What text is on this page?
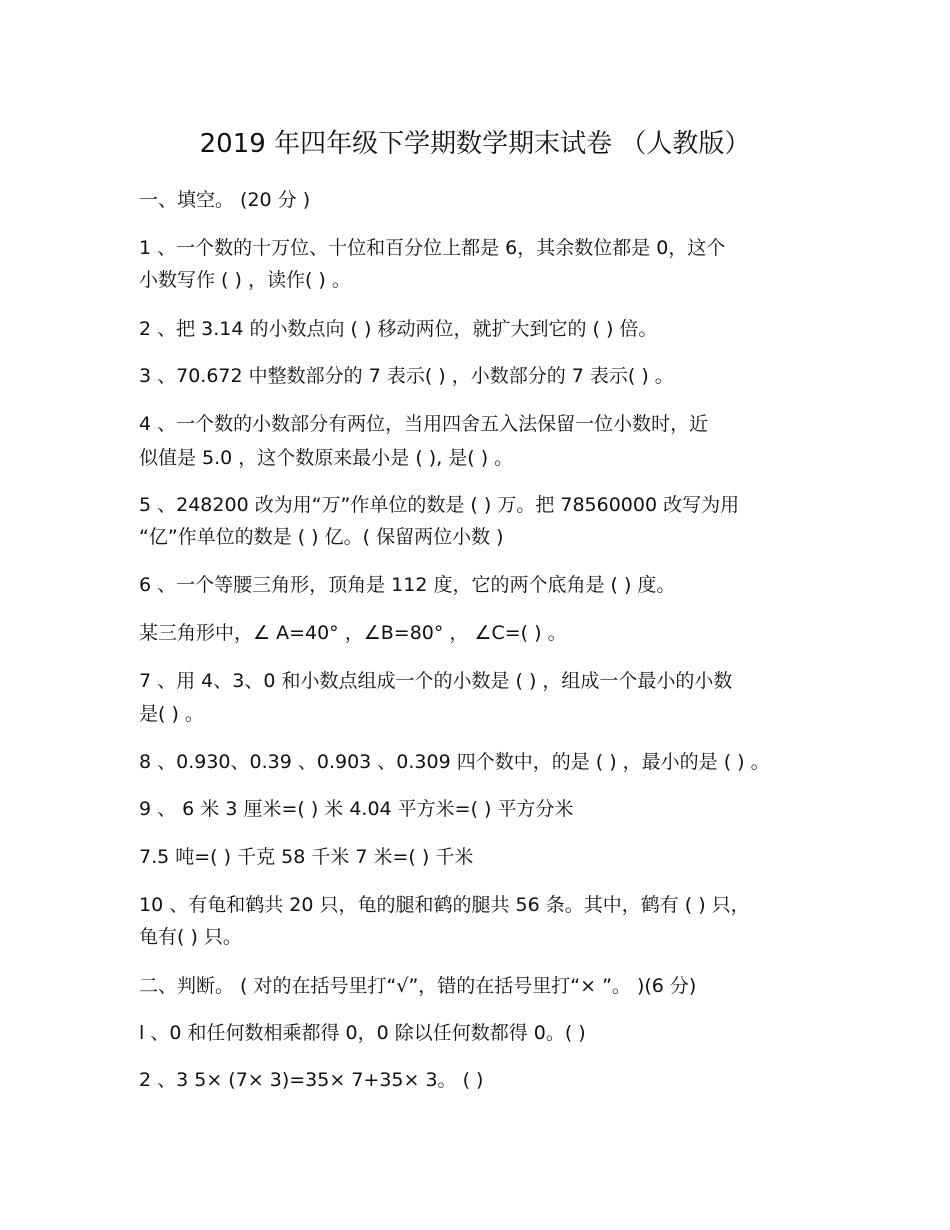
2019 年四年级下学期数学期末试卷 （人教版）
一、填空。 (20 分 )
1 、一个数的十万位、十位和百分位上都是 6，其余数位都是 0，这个
小数写作 ( ) ，读作( ) 。
2 、把 3.14 的小数点向 ( ) 移动两位，就扩大到它的 ( ) 倍。
3 、70.672 中整数部分的 7 表示( ) ，小数部分的 7 表示( ) 。
4 、一个数的小数部分有两位，当用四舍五入法保留一位小数时，近
似值是 5.0 ，这个数原来最小是 ( ), 是( ) 。
5 、248200 改为用“万”作单位的数是 ( ) 万。把 78560000 改写为用
“亿”作单位的数是 ( ) 亿。( 保留两位小数 )
6 、一个等腰三角形，顶角是 112 度，它的两个底角是 ( ) 度。
某三角形中，∠ A=40° ，∠B=80° ， ∠C=( ) 。
7 、用 4、3、0 和小数点组成一个的小数是 ( ) ，组成一个最小的小数
是( ) 。
8 、0.930、0.39 、0.903 、0.309 四个数中，的是 ( ) ，最小的是 ( ) 。
9 、 6 米 3 厘米=( ) 米 4.04 平方米=( ) 平方分米
7.5 吨=( ) 千克 58 千米 7 米=( ) 千米
10 、有龟和鹤共 20 只，龟的腿和鹤的腿共 56 条。其中，鹤有 ( ) 只，
龟有( ) 只。
二、判断。 ( 对的在括号里打“√”，错的在括号里打“× ”。 )(6 分)
l 、0 和任何数相乘都得 0，0 除以任何数都得 0。( )
2 、3 5× (7× 3)=35× 7+35× 3。 ( )
